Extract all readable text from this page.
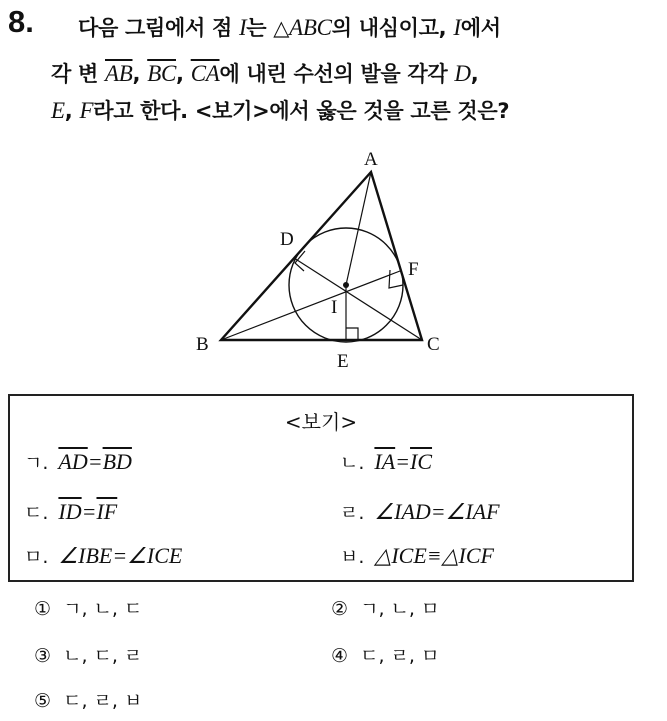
8. 다음 그림에서 점 I는 △ABC의 내심이고, I에서
각 변 $\overline{AB}$, $\overline{BC}$, $\overline{CA}$에 내린 수선의 발을 각각 D,
E, F라고 한다. <보기>에서 옳은 것을 고른 것은?
A
B	C
D
E
F
I
<보기>
ㄱ. $\overline{AD}=\overline{BD}$	ㄴ. $\overline{IA}=\overline{IC}$
ㄷ. $\overline{ID}=\overline{IF}$	ㄹ. ∠IAD=∠IAF
ㅁ. ∠IBE=∠ICE	ㅂ. △ICE≡△ICF
① ㄱ, ㄴ, ㄷ	② ㄱ, ㄴ, ㅁ
③ ㄴ, ㄷ, ㄹ	④ ㄷ, ㄹ, ㅁ
⑤ ㄷ, ㄹ, ㅂ
